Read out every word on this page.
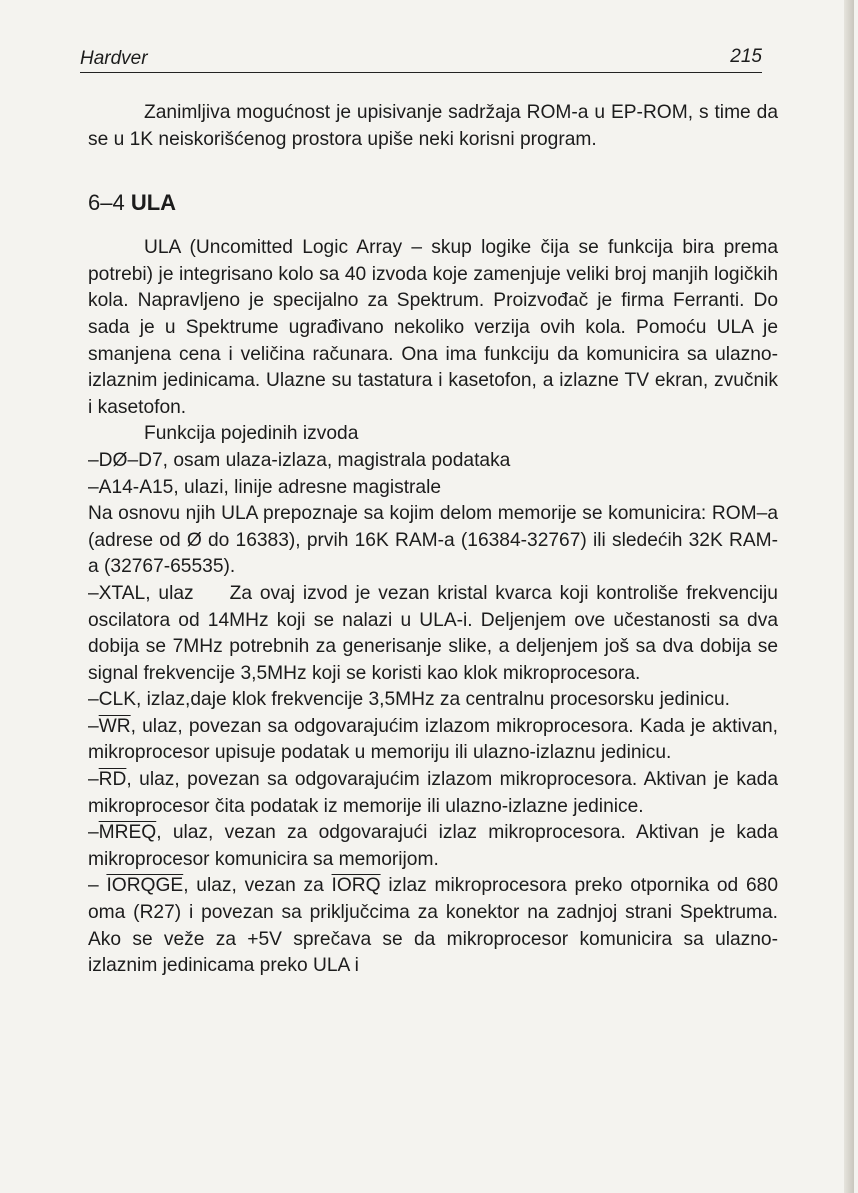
Hardver	215

Zanimljiva mogućnost je upisivanje sadržaja ROM-a u EP-ROM, s time da se u 1K neiskorišćenog prostora upiše neki korisni program.

6–4 ULA

ULA (Uncomitted Logic Array – skup logike čija se funkcija bira prema potrebi) je integrisano kolo sa 40 izvoda koje zamenjuje veliki broj manjih logičkih kola. Napravljeno je specijalno za Spektrum. Proizvođač je firma Ferranti. Do sada je u Spektrume ugrađivano nekoliko verzija ovih kola. Pomoću ULA je smanjena cena i veličina računara. Ona ima funkciju da komunicira sa ulazno-izlaznim jedinicama. Ulazne su tastatura i kasetofon, a izlazne TV ekran, zvučnik i kasetofon.

Funkcija pojedinih izvoda

–DØ–D7, osam ulaza-izlaza, magistrala podataka

–A14-A15, ulazi, linije adresne magistrale

Na osnovu njih ULA prepoznaje sa kojim delom memorije se komunicira: ROM–a (adrese od Ø do 16383), prvih 16K RAM-a (16384-32767) ili sledećih 32K RAM-a (32767-65535).

–XTAL, ulaz Za ovaj izvod je vezan kristal kvarca koji kontroliše frekvenciju oscilatora od 14MHz koji se nalazi u ULA-i. Deljenjem ove učestanosti sa dva dobija se 7MHz potrebnih za generisanje slike, a deljenjem još sa dva dobija se signal frekvencije 3,5MHz koji se koristi kao klok mikroprocesora.

–CLK, izlaz,daje klok frekvencije 3,5MHz za centralnu procesorsku jedinicu.

$-\overline{WR}$, ulaz, povezan sa odgovarajućim izlazom mikroprocesora. Kada je aktivan, mikroprocesor upisuje podatak u memoriju ili ulazno-izlaznu jedinicu.

$-\overline{RD}$, ulaz, povezan sa odgovarajućim izlazom mikroprocesora. Aktivan je kada mikroprocesor čita podatak iz memorije ili ulazno-izlazne jedinice.

–MREQ, ulaz, vezan za odgovarajući izlaz mikroprocesora. Aktivan je kada mikroprocesor komunicira sa memorijom.

– IORQGE, ulaz, vezan za IORQ izlaz mikroprocesora preko otpornika od 680 oma (R27) i povezan sa priključcima za konektor na zadnjoj strani Spektruma. Ako se veže za +5V sprečava se da mikroprocesor komunicira sa ulazno-izlaznim jedinicama preko ULA i
